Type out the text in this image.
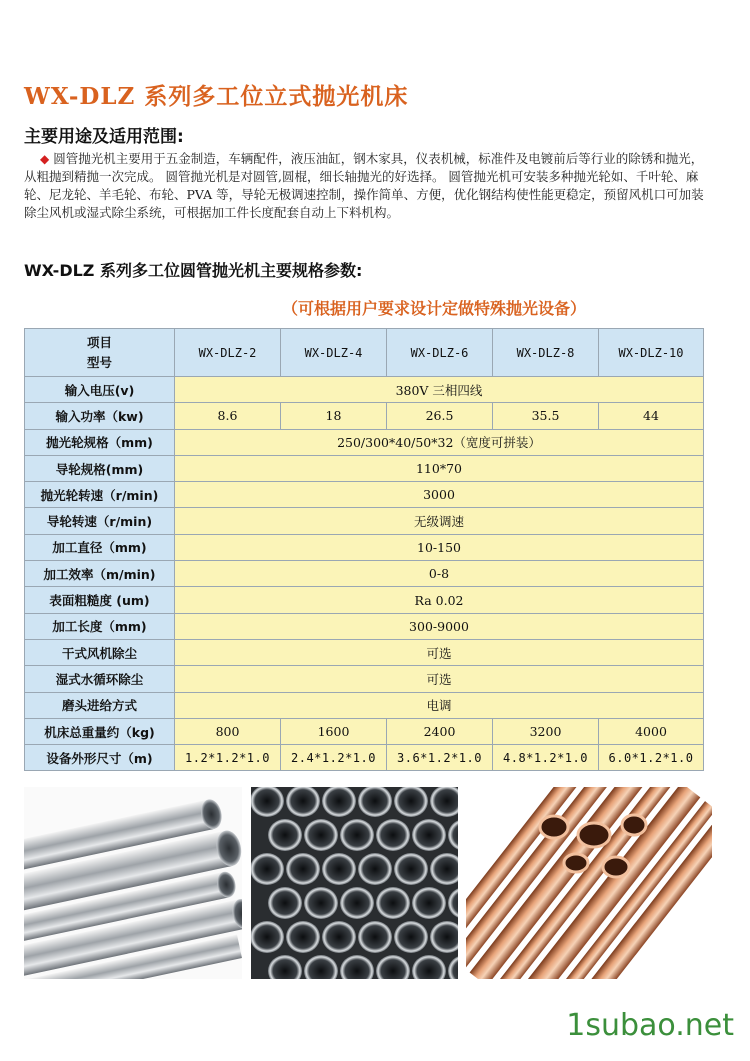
WX-DLZ 系列多工位立式抛光机床
主要用途及适用范围:

◆ 圆管抛光机主要用于五金制造，车辆配件，液压油缸，钢木家具，仪表机械，标准件及电镀前后等行业的除锈和抛光，从粗抛到精抛一次完成。 圆管抛光机是对圆管,圆棍，细长轴抛光的好选择。 圆管抛光机可安装多种抛光轮如、千叶轮、麻轮、尼龙轮、羊毛轮、布轮、PVA 等，导轮无极调速控制，操作简单、方便，优化钢结构使性能更稳定，预留风机口可加装除尘风机或湿式除尘系统，可根据加工件长度配套自动上下料机构。

WX-DLZ 系列多工位圆管抛光机主要规格参数:
（可根据用户要求设计定做特殊抛光设备）
项目
型号	WX-DLZ-2	WX-DLZ-4	WX-DLZ-6	WX-DLZ-8	WX-DLZ-10
输入电压(v)	380V 三相四线				
输入功率（kw)	8.6	18	26.5	35.5	44
抛光轮规格（mm)	250/300*40/50*32（宽度可拼装）				
导轮规格(mm)	110*70				
抛光轮转速（r/min)	3000				
导轮转速（r/min)	无级调速				
加工直径（mm)	10-150				
加工效率（m/min)	0-8				
表面粗糙度 (um)	Ra 0.02				
加工长度（mm)	300-9000				
干式风机除尘	可选				
湿式水循环除尘	可选				
磨头进给方式	电调				
机床总重量约（kg)	800	1600	2400	3200	4000
设备外形尺寸（m)	1.2*1.2*1.0	2.4*1.2*1.0	3.6*1.2*1.0	4.8*1.2*1.0	6.0*1.2*1.0
1subao.net
